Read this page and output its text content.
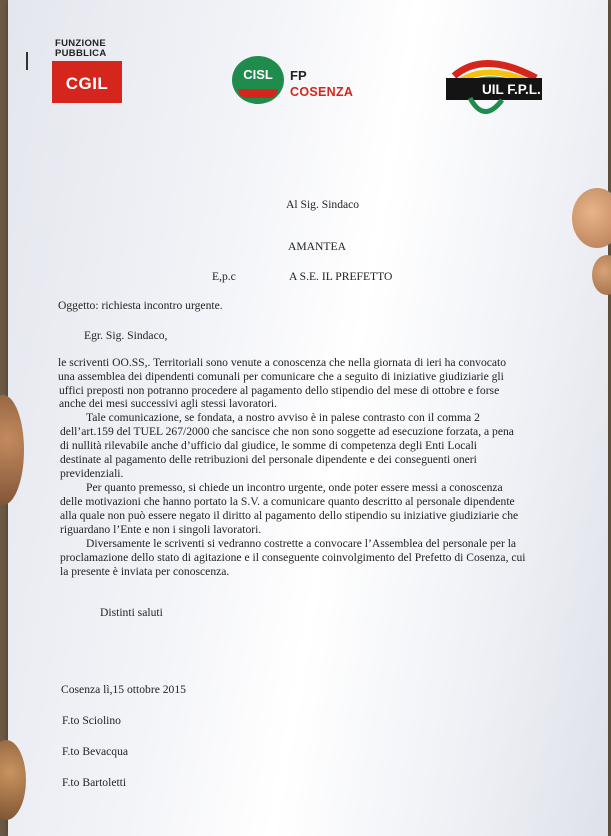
FUNZIONE
PUBBLICA
CGIL	CISL	FP
COSENZA	UIL F.P.L.
Al Sig. Sindaco
AMANTEA
E,p.c	A S.E. IL PREFETTO
Oggetto: richiesta incontro urgente.
Egr. Sig. Sindaco,
le scriventi OO.SS,. Territoriali sono venute a conoscenza che nella giornata di ieri ha convocato
una assemblea dei dipendenti comunali per comunicare che a seguito di iniziative giudiziarie gli
uffici preposti non potranno procedere al pagamento dello stipendio del mese di ottobre e forse
anche dei mesi successivi agli stessi lavoratori.
Tale comunicazione, se fondata, a nostro avviso è in palese contrasto con il comma 2
dell’art.159 del TUEL 267/2000 che sancisce che non sono soggette ad esecuzione forzata, a pena
di nullità rilevabile anche d’ufficio dal giudice, le somme di competenza degli Enti Locali
destinate al pagamento delle retribuzioni del personale dipendente e dei conseguenti oneri
previdenziali.
Per quanto premesso, si chiede un incontro urgente, onde poter essere messi a conoscenza
delle motivazioni che hanno portato la S.V. a comunicare quanto descritto al personale dipendente
alla quale non può essere negato il diritto al pagamento dello stipendio su iniziative giudiziarie che
riguardano l’Ente e non i singoli lavoratori.
Diversamente le scriventi si vedranno costrette a convocare l’Assemblea del personale per la
proclamazione dello stato di agitazione e il conseguente coinvolgimento del Prefetto di Cosenza, cui
la presente è inviata per conoscenza.
Distinti saluti
Cosenza lì,15 ottobre 2015
F.to Sciolino
F.to Bevacqua
F.to Bartoletti
